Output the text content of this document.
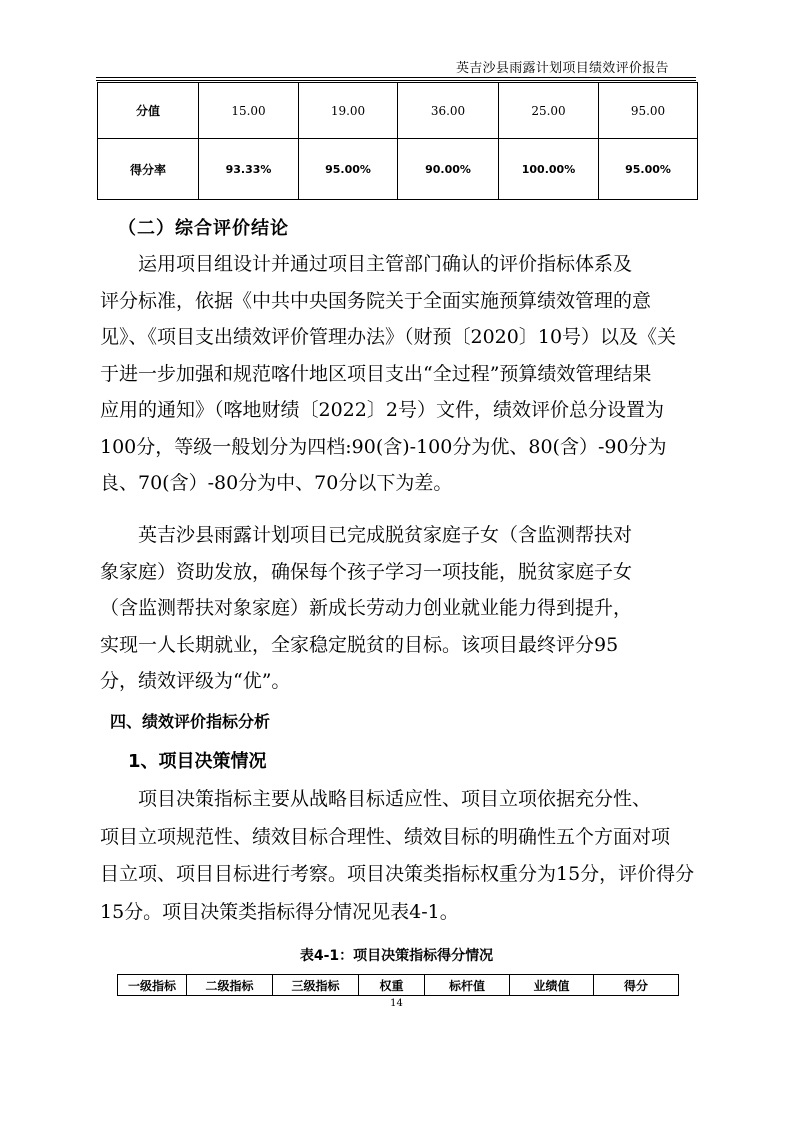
英吉沙县雨露计划项目绩效评价报告
分值	15.00	19.00	36.00	25.00	95.00
得分率	93.33%	95.00%	90.00%	100.00%	95.00%
（二）综合评价结论
　　运用项目组设计并通过项目主管部门确认的评价指标体系及
评分标准，依据《中共中央国务院关于全面实施预算绩效管理的意
见》、《项目支出绩效评价管理办法》（财预〔2020〕10号）以及《关
于进一步加强和规范喀什地区项目支出“全过程”预算绩效管理结果
应用的通知》（喀地财绩〔2022〕2号）文件，绩效评价总分设置为
100分，等级一般划分为四档:90(含)-100分为优、80(含）-90分为
良、70(含）-80分为中、70分以下为差。
　　英吉沙县雨露计划项目已完成脱贫家庭子女（含监测帮扶对
象家庭）资助发放，确保每个孩子学习一项技能，脱贫家庭子女
（含监测帮扶对象家庭）新成长劳动力创业就业能力得到提升，
实现一人长期就业，全家稳定脱贫的目标。该项目最终评分95
分，绩效评级为“优”。
四、绩效评价指标分析
1、项目决策情况
　　项目决策指标主要从战略目标适应性、项目立项依据充分性、
项目立项规范性、绩效目标合理性、绩效目标的明确性五个方面对项
目立项、项目目标进行考察。项目决策类指标权重分为15分，评价得分
15分。项目决策类指标得分情况见表4-1。
表4-1：项目决策指标得分情况
一级指标	二级指标	三级指标	权重	标杆值	业绩值	得分
14
